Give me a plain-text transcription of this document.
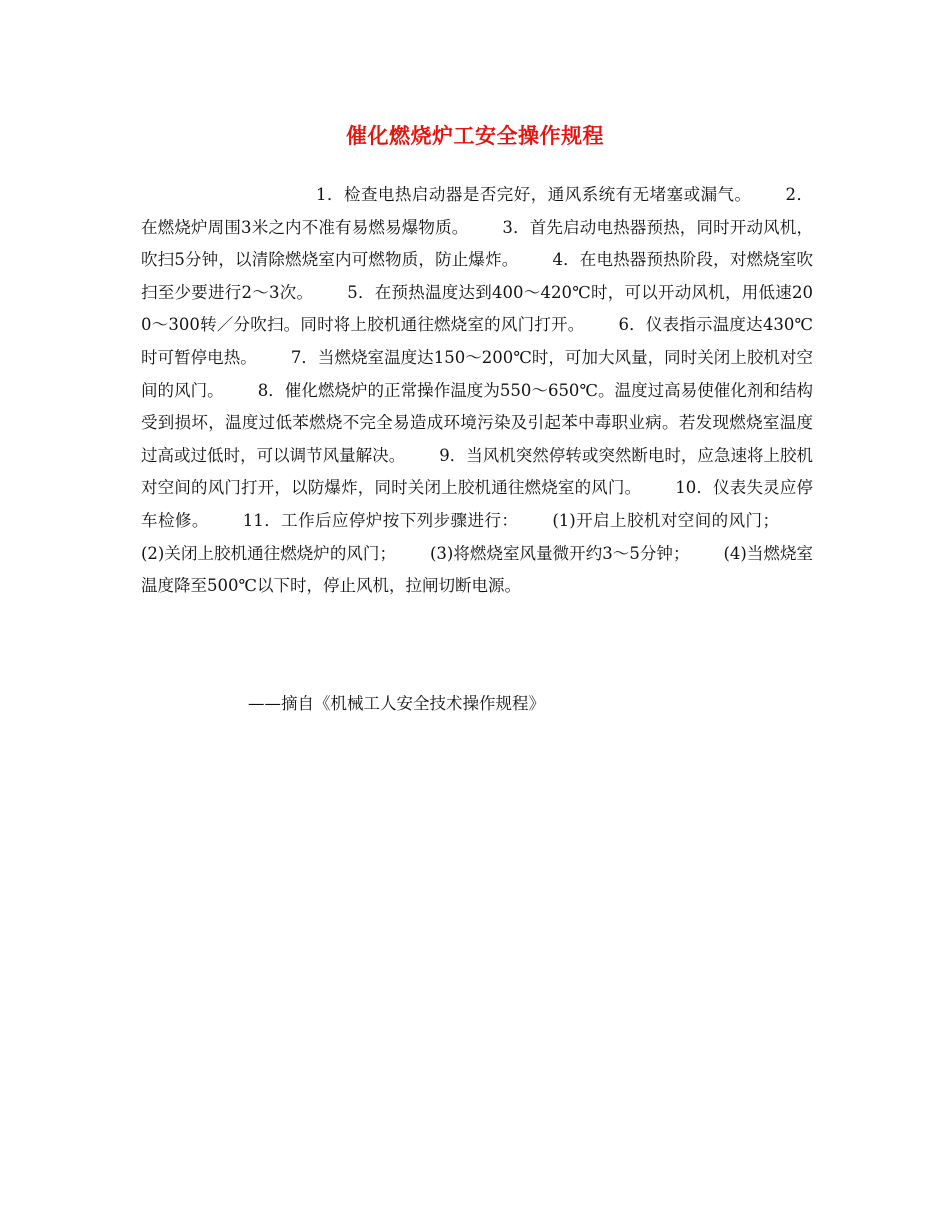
催化燃烧炉工安全操作规程
1．检查电热启动器是否完好，通风系统有无堵塞或漏气。 2．在燃烧炉周围3米之内不准有易燃易爆物质。 3．首先启动电热器预热，同时开动风机，吹扫5分钟，以清除燃烧室内可燃物质，防止爆炸。 4．在电热器预热阶段，对燃烧室吹扫至少要进行2～3次。 5．在预热温度达到400～420℃时，可以开动风机，用低速200～300转／分吹扫。同时将上胶机通往燃烧室的风门打开。 6．仪表指示温度达430℃时可暂停电热。 7．当燃烧室温度达150～200℃时，可加大风量，同时关闭上胶机对空间的风门。 8．催化燃烧炉的正常操作温度为550～650℃。温度过高易使催化剂和结构受到损坏，温度过低苯燃烧不完全易造成环境污染及引起苯中毒职业病。若发现燃烧室温度过高或过低时，可以调节风量解决。 9．当风机突然停转或突然断电时，应急速将上胶机对空间的风门打开，以防爆炸，同时关闭上胶机通往燃烧室的风门。 10．仪表失灵应停车检修。 11．工作后应停炉按下列步骤进行： (1)开启上胶机对空间的风门；(2)关闭上胶机通往燃烧炉的风门； (3)将燃烧室风量微开约3～5分钟； (4)当燃烧室温度降至500℃以下时，停止风机，拉闸切断电源。
——摘自《机械工人安全技术操作规程》
